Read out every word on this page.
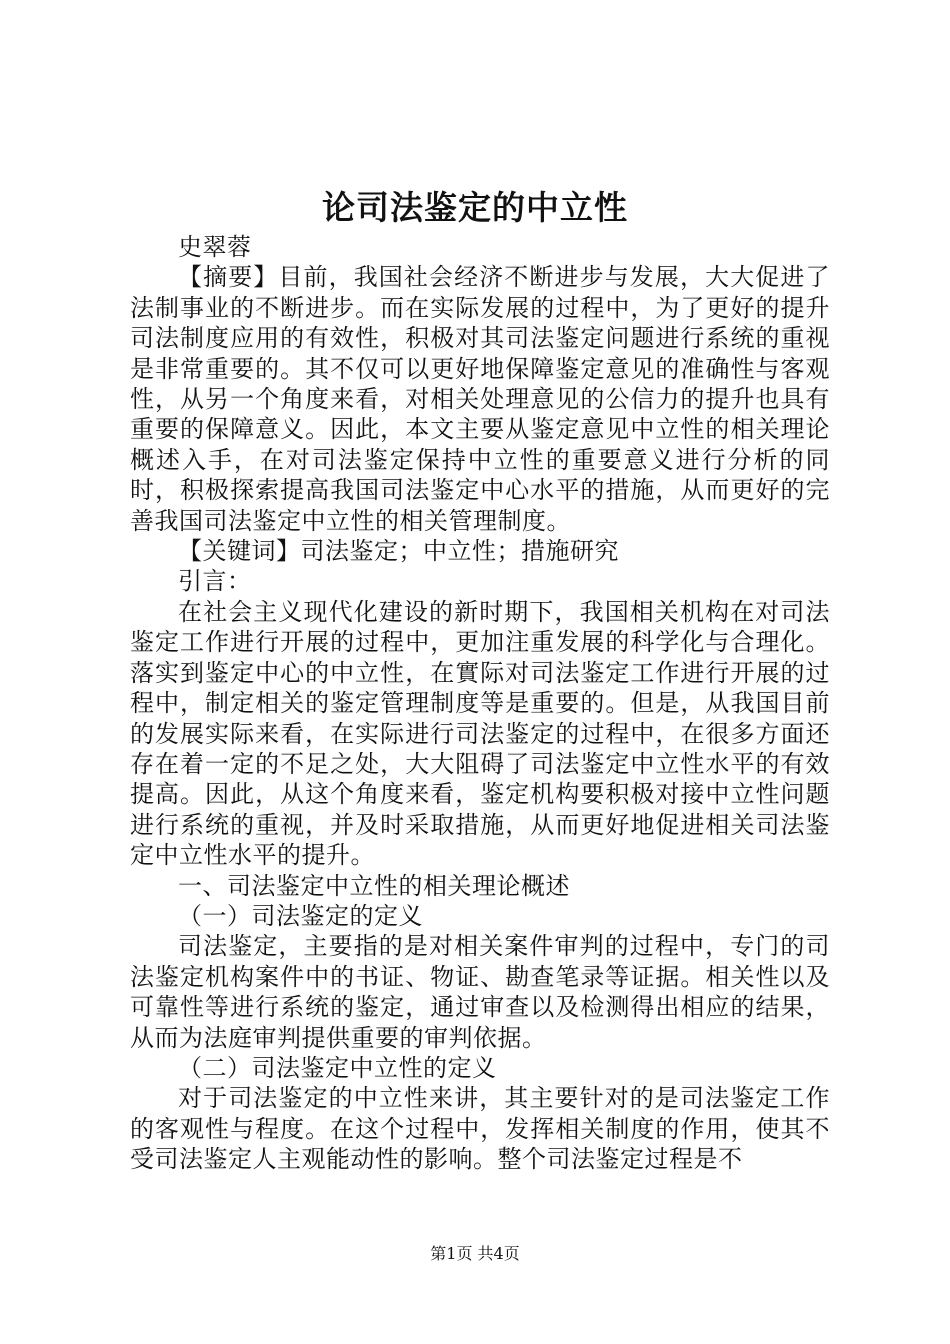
论司法鉴定的中立性

史翠蓉

【摘要】目前，我国社会经济不断进步与发展，大大促进了法制事业的不断进步。而在实际发展的过程中，为了更好的提升司法制度应用的有效性，积极对其司法鉴定问题进行系统的重视是非常重要的。其不仅可以更好地保障鉴定意见的准确性与客观性，从另一个角度来看，对相关处理意见的公信力的提升也具有重要的保障意义。因此，本文主要从鉴定意见中立性的相关理论概述入手，在对司法鉴定保持中立性的重要意义进行分析的同时，积极探索提高我国司法鉴定中心水平的措施，从而更好的完善我国司法鉴定中立性的相关管理制度。

【关键词】司法鉴定；中立性；措施研究

引言：

在社会主义现代化建设的新时期下，我国相关机构在对司法鉴定工作进行开展的过程中，更加注重发展的科学化与合理化。落实到鉴定中心的中立性，在實际对司法鉴定工作进行开展的过程中，制定相关的鉴定管理制度等是重要的。但是，从我国目前的发展实际来看，在实际进行司法鉴定的过程中，在很多方面还存在着一定的不足之处，大大阻碍了司法鉴定中立性水平的有效提高。因此，从这个角度来看，鉴定机构要积极对接中立性问题进行系统的重视，并及时采取措施，从而更好地促进相关司法鉴定中立性水平的提升。

一、司法鉴定中立性的相关理论概述

（一）司法鉴定的定义

司法鉴定，主要指的是对相关案件审判的过程中，专门的司法鉴定机构案件中的书证、物证、勘查笔录等证据。相关性以及可靠性等进行系统的鉴定，通过审查以及检测得出相应的结果，从而为法庭审判提供重要的审判依据。

（二）司法鉴定中立性的定义

对于司法鉴定的中立性来讲，其主要针对的是司法鉴定工作的客观性与程度。在这个过程中，发挥相关制度的作用，使其不受司法鉴定人主观能动性的影响。整个司法鉴定过程是不

第1页 共4页
